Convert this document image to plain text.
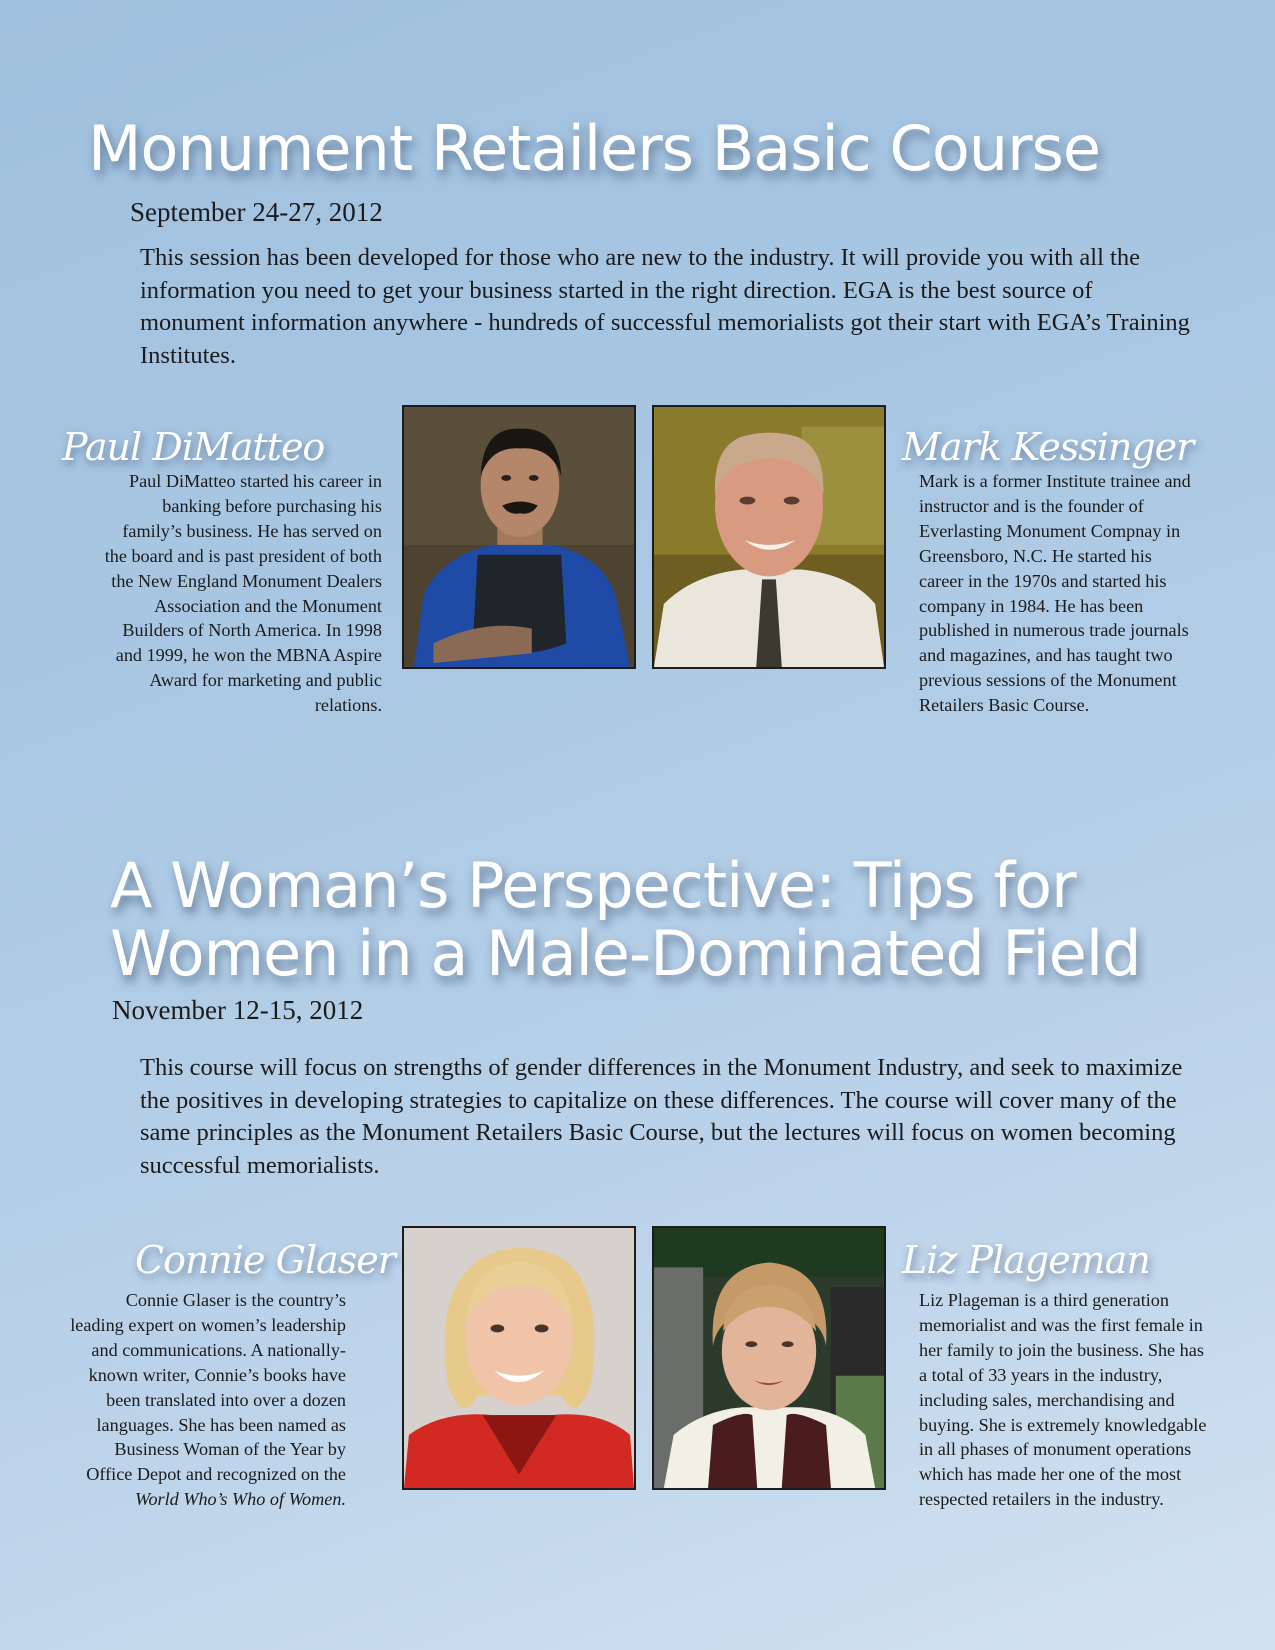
Monument Retailers Basic Course
September 24-27, 2012
This session has been developed for those who are new to the industry. It will provide you with all the information you need to get your business started in the right direction. EGA is the best source of monument information anywhere - hundreds of successful memorialists got their start with EGA’s Training Institutes.
Paul DiMatteo
Paul DiMatteo started his career in banking before purchasing his family’s business. He has served on the board and is past president of both the New England Monument Dealers Association and the Monument Builders of North America. In 1998 and 1999, he won the MBNA Aspire Award for marketing and public relations.
Mark Kessinger
Mark is a former Institute trainee and instructor and is the founder of Everlasting Monument Compnay in Greensboro, N.C. He started his career in the 1970s and started his company in 1984. He has been published in numerous trade journals and magazines, and has taught two previous sessions of the Monument Retailers Basic Course.
A Woman’s Perspective: Tips for
Women in a Male-Dominated Field
November 12-15, 2012
This course will focus on strengths of gender differences in the Monument Industry, and seek to maximize the positives in developing strategies to capitalize on these differences. The course will cover many of the same principles as the Monument Retailers Basic Course, but the lectures will focus on women becoming successful memorialists.
Connie Glaser
Connie Glaser is the country’s leading expert on women’s leadership and communications. A nationally-known writer, Connie’s books have been translated into over a dozen languages. She has been named as Business Woman of the Year by Office Depot and recognized on the World Who’s Who of Women.
Liz Plageman
Liz Plageman is a third generation memorialist and was the first female in her family to join the business. She has a total of 33 years in the industry, including sales, merchandising and buying. She is extremely knowledgable in all phases of monument operations which has made her one of the most respected retailers in the industry.
